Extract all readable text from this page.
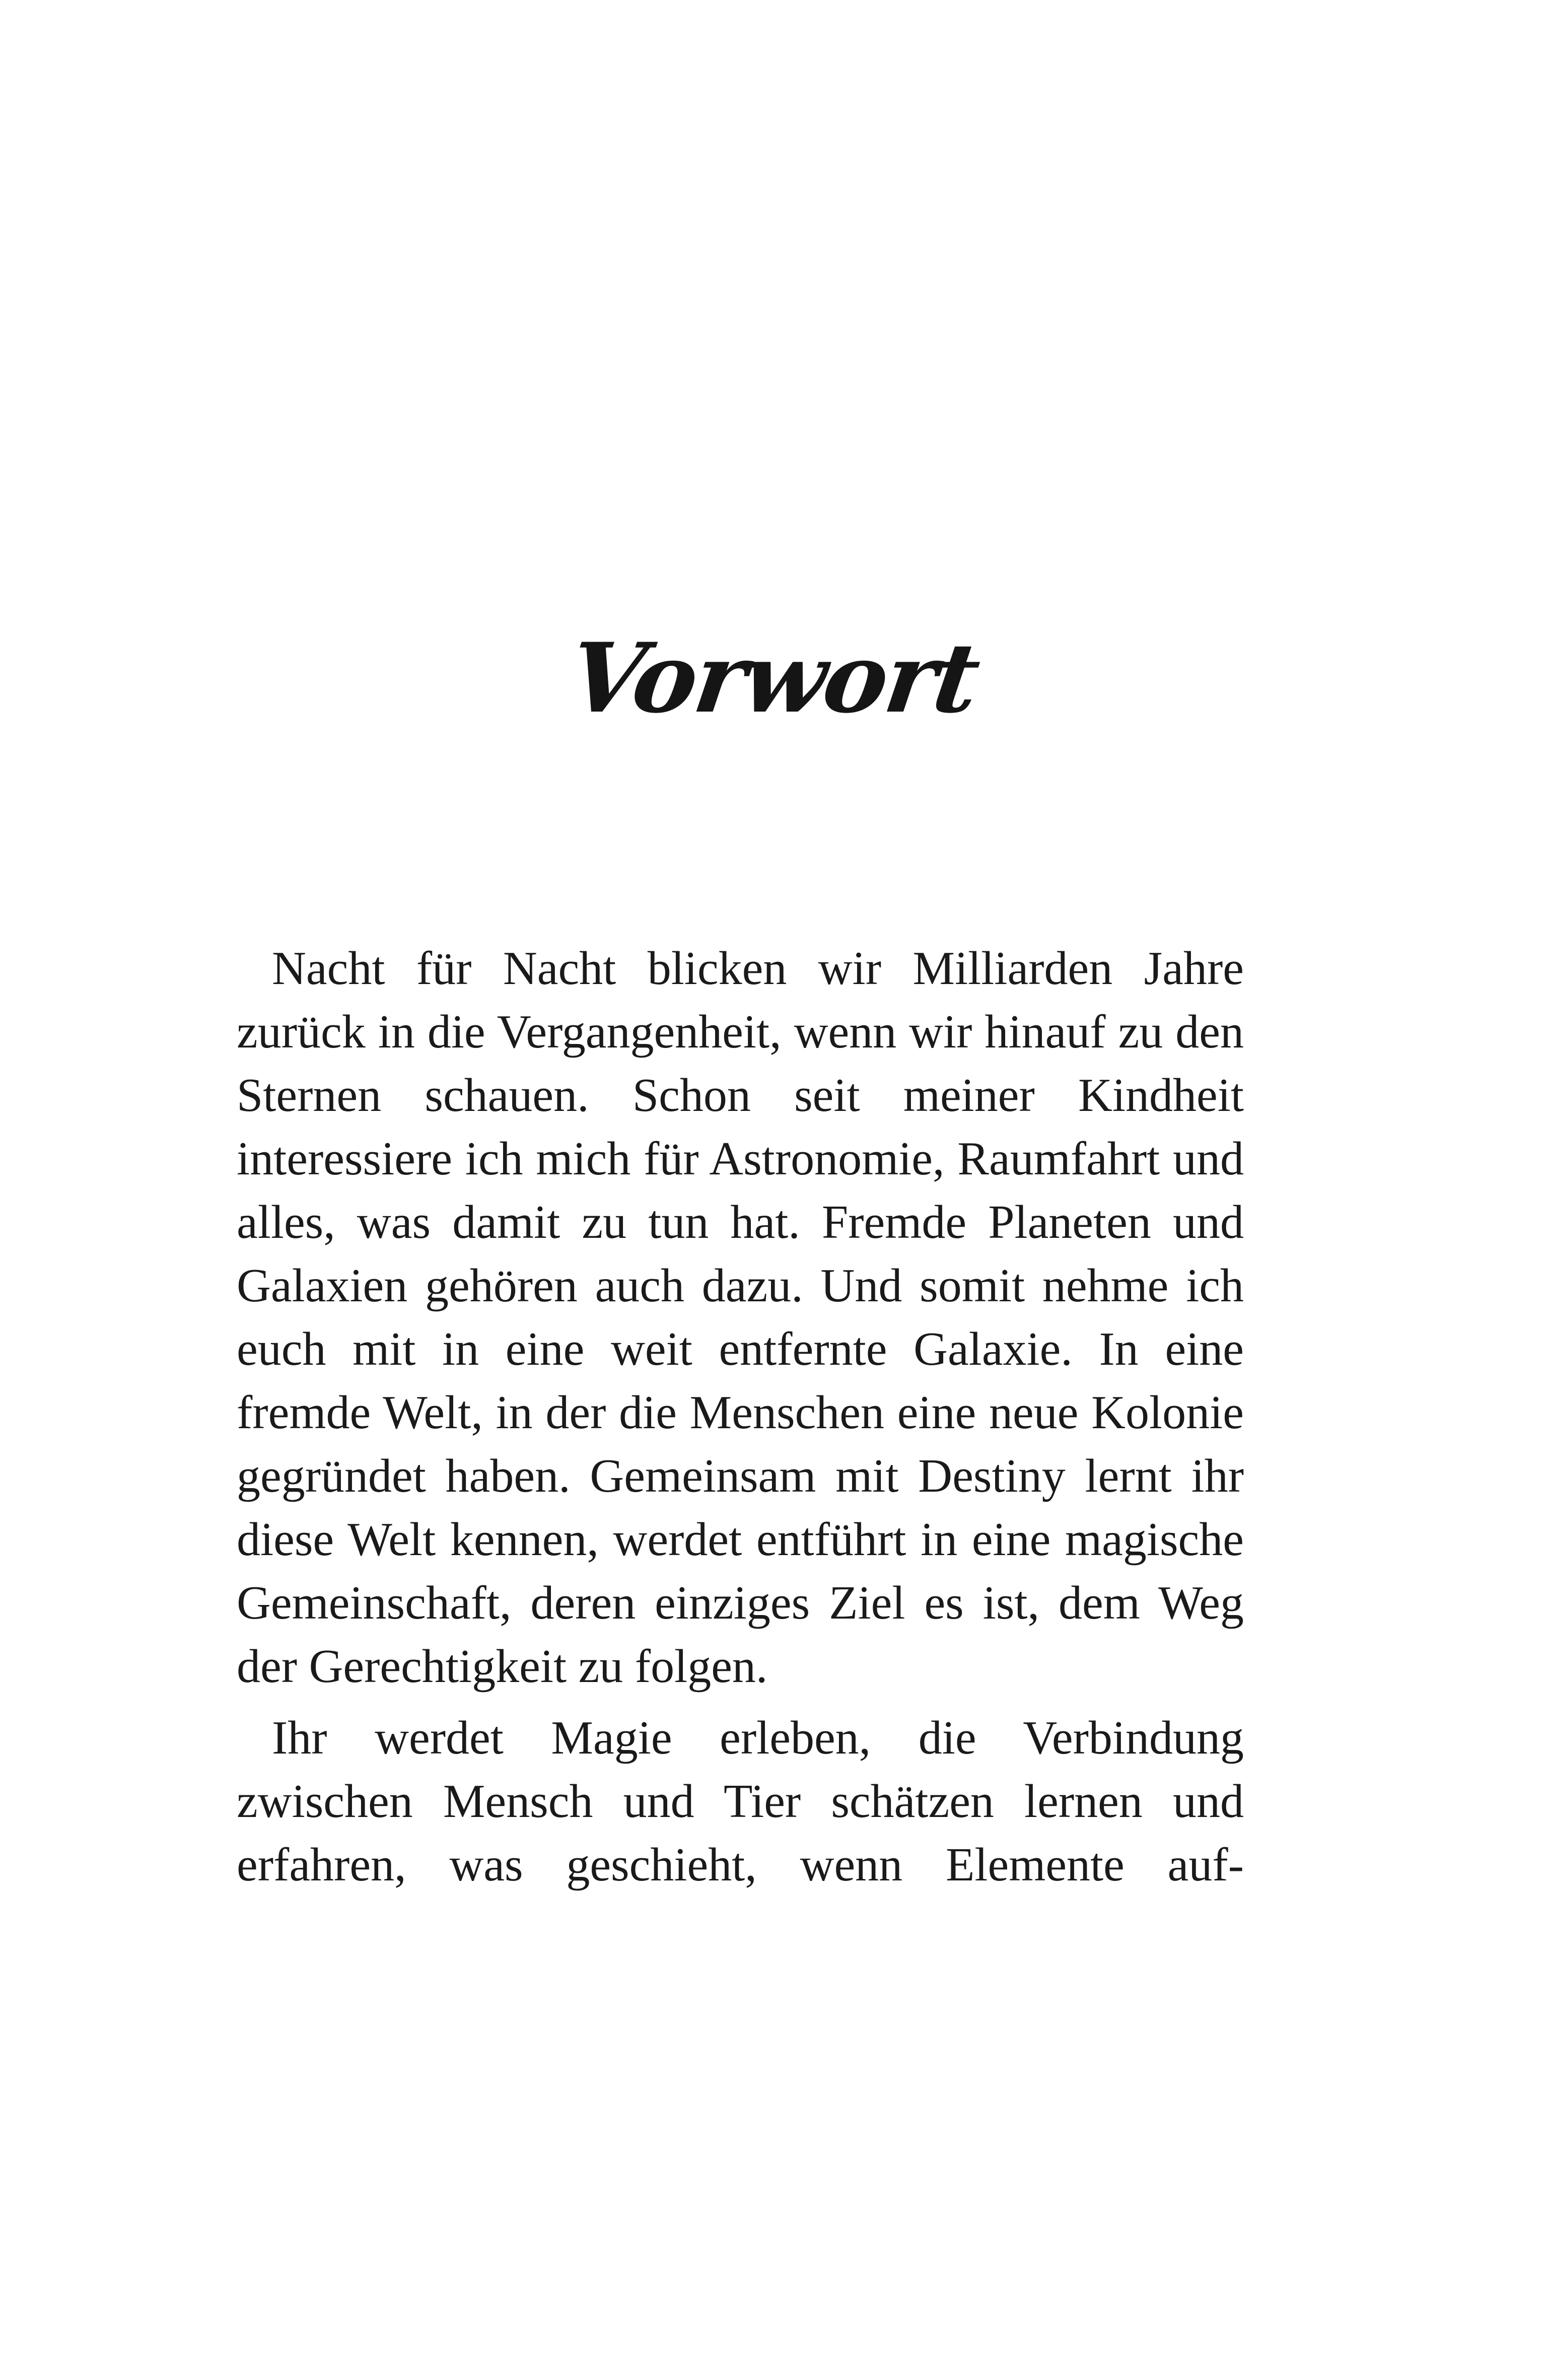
Vorwort

Nacht für Nacht blicken wir Milliarden Jahre zurück in die Vergangenheit, wenn wir hinauf zu den Sternen schauen. Schon seit meiner Kindheit interessiere ich mich für Astronomie, Raumfahrt und alles, was damit zu tun hat. Fremde Planeten und Galaxien gehören auch dazu. Und somit nehme ich euch mit in eine weit entfernte Galaxie. In eine fremde Welt, in der die Menschen eine neue Kolonie gegründet haben. Gemeinsam mit Destiny lernt ihr diese Welt kennen, werdet entführt in eine magische Gemeinschaft, deren einziges Ziel es ist, dem Weg der Gerechtigkeit zu folgen.

Ihr werdet Magie erleben, die Verbindung zwischen Mensch und Tier schätzen lernen und erfahren, was geschieht, wenn Elemente auf-
